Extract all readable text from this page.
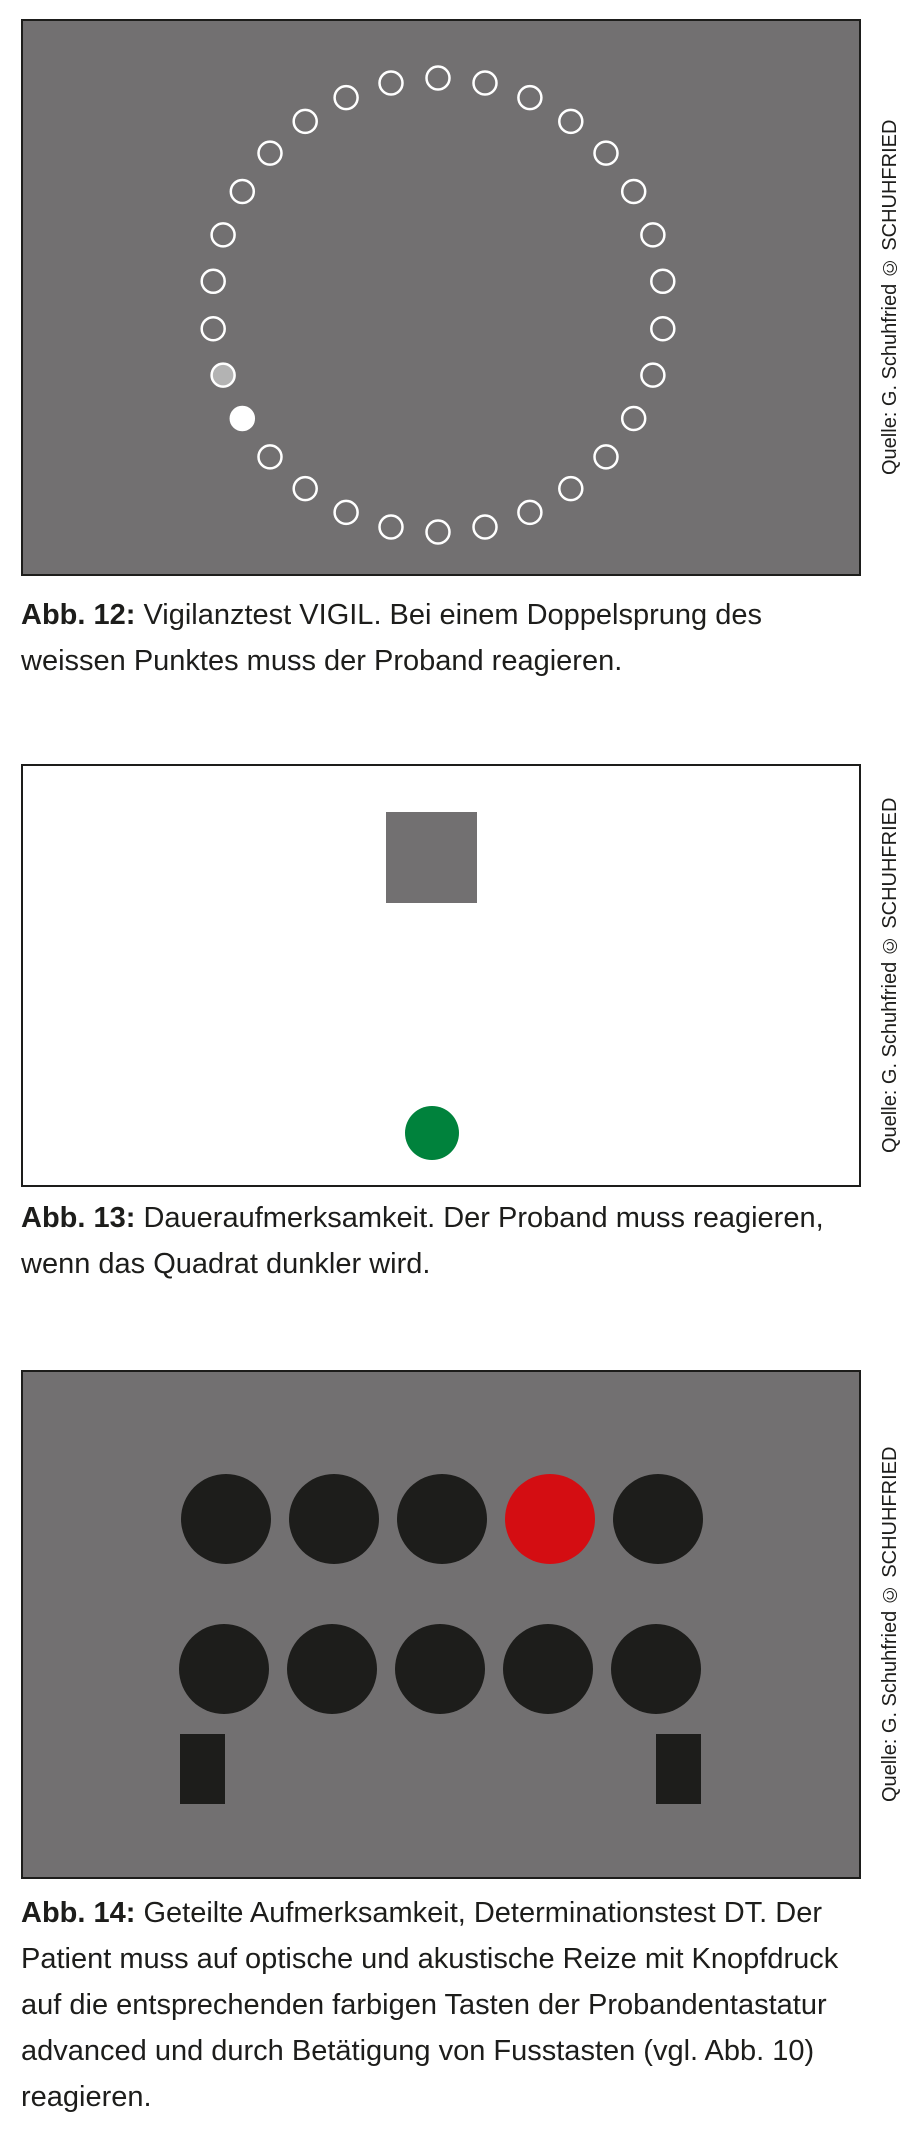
Quelle: G. Schuhfried © SCHUHFRIED

Abb. 12: Vigilanztest VIGIL. Bei einem Doppelsprung des weissen Punktes muss der Proband reagieren.

Quelle: G. Schuhfried © SCHUHFRIED

Abb. 13: Daueraufmerksamkeit. Der Proband muss reagieren, wenn das Quadrat dunkler wird.

Quelle: G. Schuhfried © SCHUHFRIED

Abb. 14: Geteilte Aufmerksamkeit, Determinationstest DT. Der Patient muss auf optische und akustische Reize mit Knopfdruck auf die entsprechenden farbigen Tasten der Probandentastatur advanced und durch Betätigung von Fusstasten (vgl. Abb. 10) reagieren.
